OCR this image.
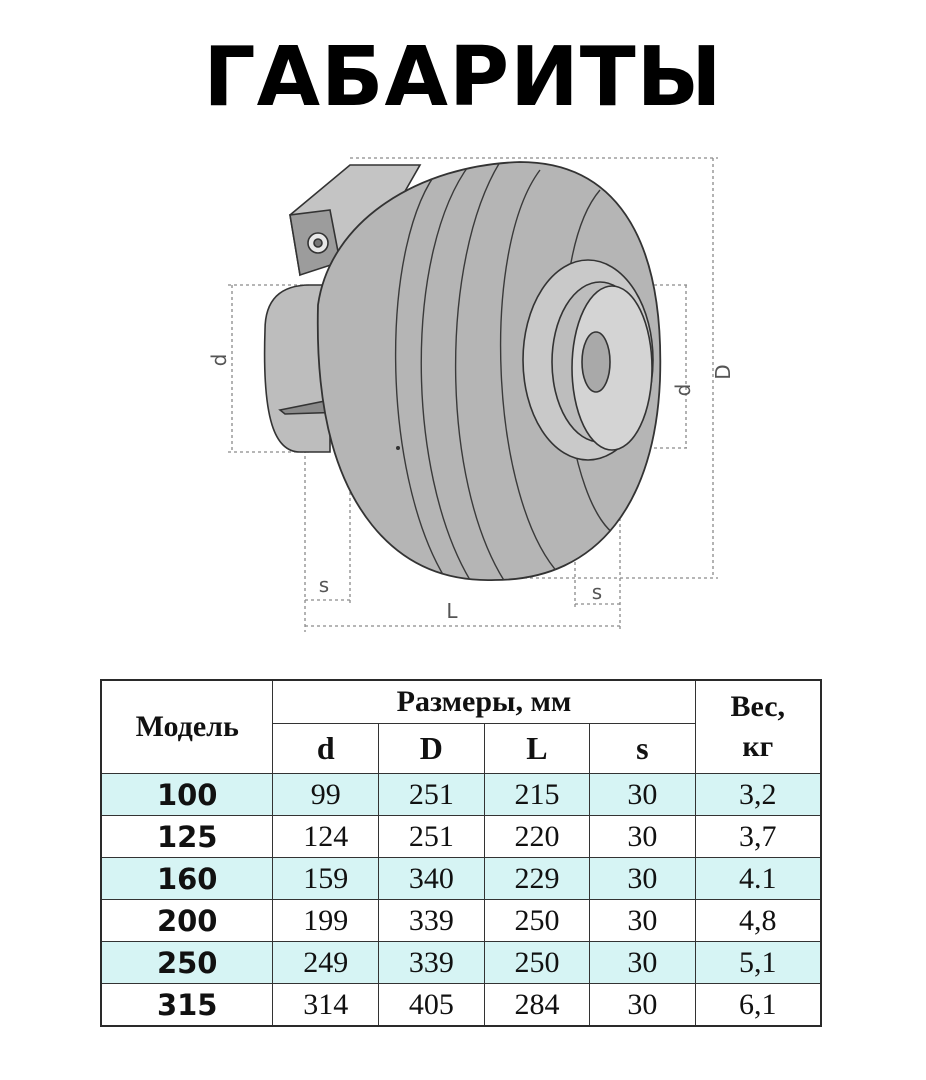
ГАБАРИТЫ
d
d
D
s	s
L
Модель	Размеры, мм				Вес,
кг
	d	D	L	s	
100	99	251	215	30	3,2
125	124	251	220	30	3,7
160	159	340	229	30	4.1
200	199	339	250	30	4,8
250	249	339	250	30	5,1
315	314	405	284	30	6,1
